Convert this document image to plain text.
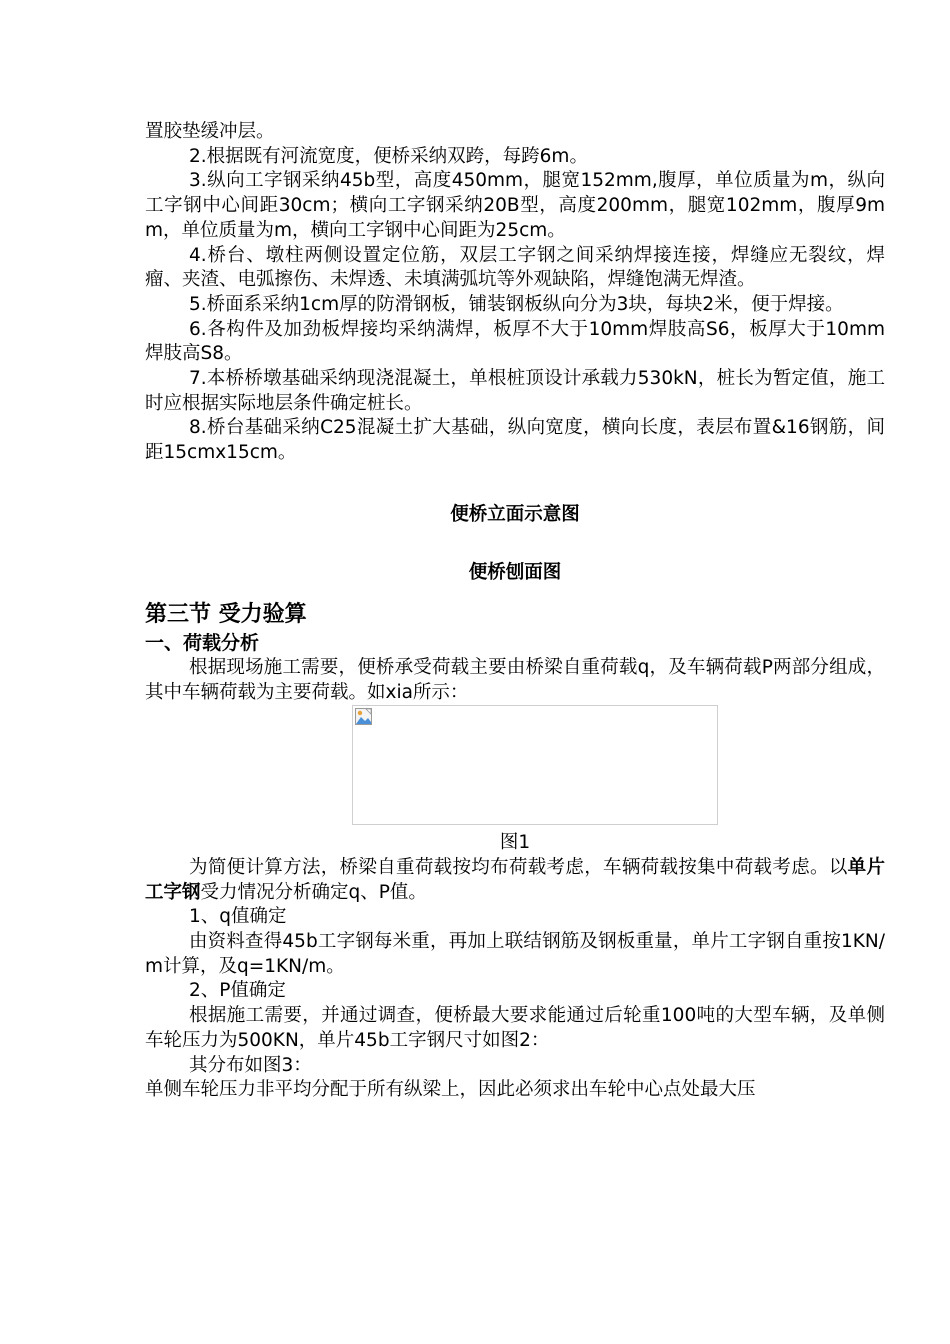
置胶垫缓冲层。

2.根据既有河流宽度，便桥采纳双跨，每跨6m。

3.纵向工字钢采纳45b型，高度450mm，腿宽152mm,腹厚，单位质量为m，纵向工字钢中心间距30cm；横向工字钢采纳20B型，高度200mm，腿宽102mm，腹厚9mm，单位质量为m，横向工字钢中心间距为25cm。

4.桥台、墩柱两侧设置定位筋，双层工字钢之间采纳焊接连接，焊缝应无裂纹，焊瘤、夹渣、电弧擦伤、未焊透、未填满弧坑等外观缺陷，焊缝饱满无焊渣。

5.桥面系采纳1cm厚的防滑钢板，铺装钢板纵向分为3块，每块2米，便于焊接。

6.各构件及加劲板焊接均采纳满焊，板厚不大于10mm焊肢高S6，板厚大于10mm焊肢高S8。

7.本桥桥墩基础采纳现浇混凝土，单根桩顶设计承载力530kN，桩长为暂定值，施工时应根据实际地层条件确定桩长。

8.桥台基础采纳C25混凝土扩大基础，纵向宽度，横向长度，表层布置&16钢筋，间距15cmx15cm。

便桥立面示意图

便桥刨面图

第三节 受力验算
一、荷载分析

根据现场施工需要，便桥承受荷载主要由桥梁自重荷载q，及车辆荷载P两部分组成，其中车辆荷载为主要荷载。如xia所示：

图1

为简便计算方法，桥梁自重荷载按均布荷载考虑，车辆荷载按集中荷载考虑。以单片工字钢受力情况分析确定q、P值。

1、q值确定

由资料查得45b工字钢每米重，再加上联结钢筋及钢板重量，单片工字钢自重按1KN/m计算，及q=1KN/m。

2、P值确定

根据施工需要，并通过调查，便桥最大要求能通过后轮重100吨的大型车辆，及单侧车轮压力为500KN，单片45b工字钢尺寸如图2：

其分布如图3：

单侧车轮压力非平均分配于所有纵梁上，因此必须求出车轮中心点处最大压
